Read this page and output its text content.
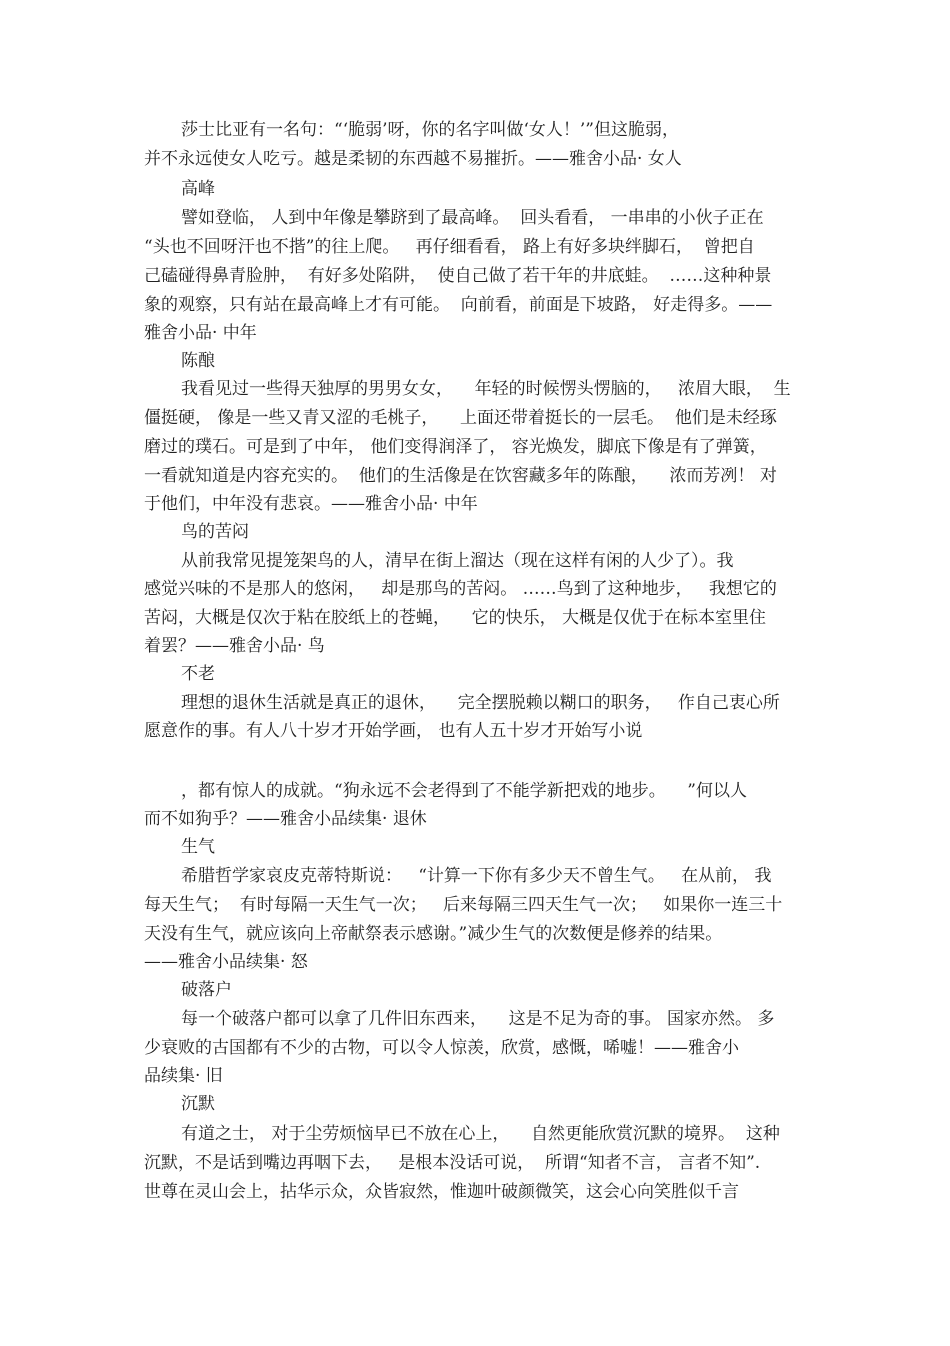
莎士比亚有一名句：“‘脆弱’呀，你的名字叫做‘女人！’”但这脆弱，
并不永远使女人吃亏。越是柔韧的东西越不易摧折。——雅舍小品· 女人
高峰
譬如登临， 人到中年像是攀跻到了最高峰。  回头看看， 一串串的小伙子正在
“头也不回呀汗也不揩”的往上爬。   再仔细看看， 路上有好多块绊脚石，  曾把自
己磕碰得鼻青脸肿，  有好多处陷阱，  使自己做了若干年的井底蛙。  ……这种种景
象的观察，只有站在最高峰上才有可能。  向前看，前面是下坡路， 好走得多。——
雅舍小品· 中年
陈酿
我看见过一些得天独厚的男男女女，    年轻的时候愣头愣脑的，   浓眉大眼，  生
僵挺硬， 像是一些又青又涩的毛桃子，    上面还带着挺长的一层毛。  他们是未经琢
磨过的璞石。可是到了中年， 他们变得润泽了， 容光焕发，脚底下像是有了弹簧，
一看就知道是内容充实的。  他们的生活像是在饮窖藏多年的陈酿，    浓而芳冽！ 对
于他们，中年没有悲哀。——雅舍小品· 中年
鸟的苦闷
从前我常见提笼架鸟的人，清早在街上溜达（现在这样有闲的人少了）。我
感觉兴味的不是那人的悠闲，   却是那鸟的苦闷。 ……鸟到了这种地步，   我想它的
苦闷，大概是仅次于粘在胶纸上的苍蝇，    它的快乐， 大概是仅优于在标本室里住
着罢？——雅舍小品· 鸟
不老
理想的退休生活就是真正的退休，    完全摆脱赖以糊口的职务，   作自己衷心所
愿意作的事。有人八十岁才开始学画， 也有人五十岁才开始写小说
，都有惊人的成就。“狗永远不会老得到了不能学新把戏的地步。    ”何以人
而不如狗乎？——雅舍小品续集· 退休
生气
希腊哲学家哀皮克蒂特斯说：   “计算一下你有多少天不曾生气。   在从前， 我
每天生气；  有时每隔一天生气一次；   后来每隔三四天生气一次；   如果你一连三十
天没有生气，就应该向上帝献祭表示感谢。”减少生气的次数便是修养的结果。
——雅舍小品续集· 怒
破落户
每一个破落户都可以拿了几件旧东西来，    这是不足为奇的事。 国家亦然。 多
少衰败的古国都有不少的古物，可以令人惊羡，欣赏，感慨，唏嘘！——雅舍小
品续集· 旧
沉默
有道之士， 对于尘劳烦恼早已不放在心上，    自然更能欣赏沉默的境界。  这种
沉默，不是话到嘴边再咽下去，   是根本没话可说，  所谓“知者不言， 言者不知”.
世尊在灵山会上，拈华示众，众皆寂然，惟迦叶破颜微笑，这会心向笑胜似千言
